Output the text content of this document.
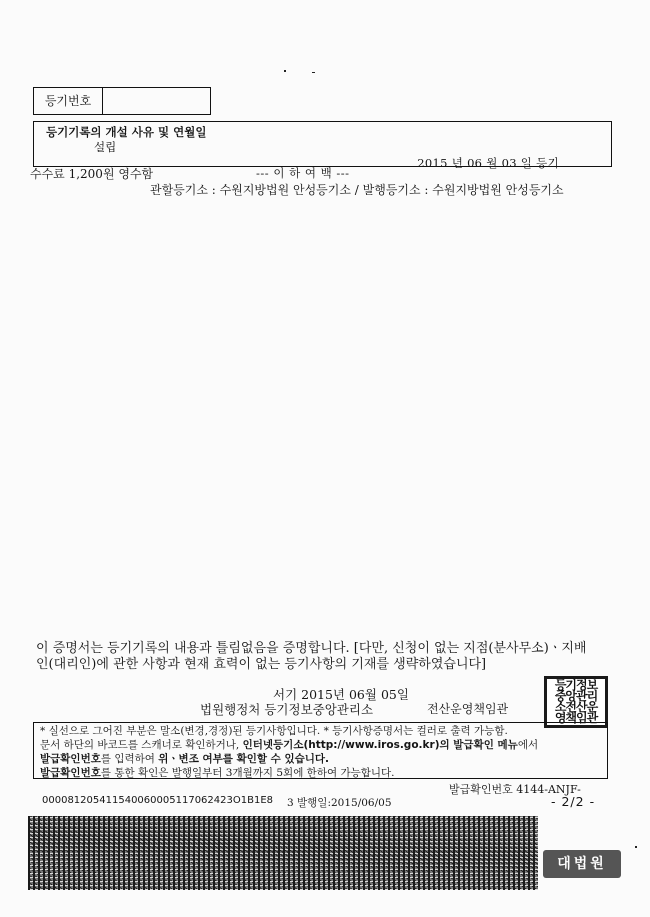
등기번호
등기기록의 개설 사유 및 연월일
설립
2015 년 06 월 03 일 등기
수수료 1,200원 영수함	--- 이 하 여 백 ---
관할등기소 : 수원지방법원 안성등기소 / 발행등기소 : 수원지방법원 안성등기소
이 증명서는 등기기록의 내용과 틀림없음을 증명합니다. [다만, 신청이 없는 지점(분사무소)ㆍ지배인(대리인)에 관한 사항과 현재 효력이 없는 등기사항의 기재를 생략하였습니다]
서기 2015년 06월 05일
법원행정처 등기정보중앙관리소	전산운영책임관
등기정보
중앙관리
소전산운
영책임관
* 실선으로 그어진 부분은 말소(변경,경정)된 등기사항입니다. * 등기사항증명서는 컬러로 출력 가능함.
문서 하단의 바코드를 스캐너로 확인하거나, 인터넷등기소(http://www.iros.go.kr)의 발급확인 메뉴에서
발급확인번호를 입력하여 위ㆍ변조 여부를 확인할 수 있습니다.
발급확인번호를 통한 확인은 발행일부터 3개월까지 5회에 한하여 가능합니다.
발급확인번호 4144-ANJF-
000081205411540060005117062423O1B1E8 3 발행일:2015/06/05	- 2/2 -
대법원
